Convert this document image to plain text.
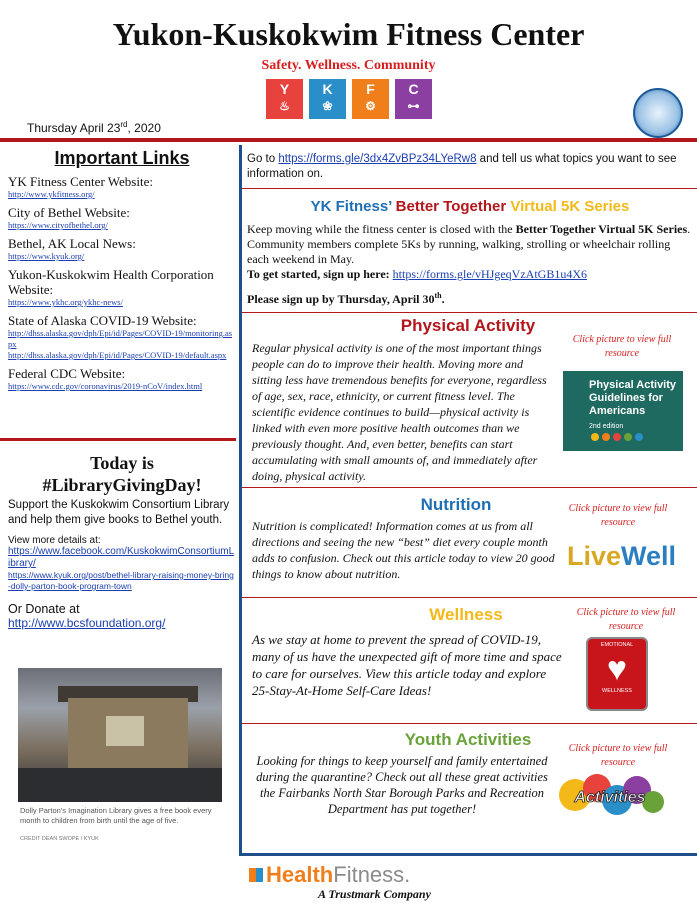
Yukon-Kuskokwim Fitness Center
Safety. Wellness. Community
Y
♨
K
❀
F
⚙
C
⊶
Thursday April 23rd, 2020
Important Links
YK Fitness Center Website:
http://www.ykfitness.org/
City of Bethel Website:
https://www.cityofbethel.org/
Bethel, AK Local News:
https://www.kyuk.org/
Yukon-Kuskokwim Health Corporation Website:
https://www.ykhc.org/ykhc-news/
State of Alaska COVID-19 Website:
http://dhss.alaska.gov/dph/Epi/id/Pages/COVID-19/monitoring.aspx
http://dhss.alaska.gov/dph/Epi/id/Pages/COVID-19/default.aspx
Federal CDC Website:
https://www.cdc.gov/coronavirus/2019-nCoV/index.html
Today is
#LibraryGivingDay!
Support the Kuskokwim Consortium Library and help them give books to Bethel youth.
View more details at:
https://www.facebook.com/KuskokwimConsortiumLibrary/
https://www.kyuk.org/post/bethel-library-raising-money-bring-dolly-parton-book-program-town
Or Donate at
http://www.bcsfoundation.org/
Dolly Parton's Imagination Library gives a free book every month to children from birth until the age of five.
CREDIT DEAN SWOPE / KYUK
Go to https://forms.gle/3dx4ZvBPz34LYeRw8 and tell us what topics you want to see information on.
YK Fitness’ Better Together Virtual 5K Series
Keep moving while the fitness center is closed with the Better Together Virtual 5K Series. Community members complete 5Ks by running, walking, strolling or wheelchair rolling each weekend in May.
To get started, sign up here: https://forms.gle/vHJgeqVzAtGB1u4X6
Please sign up by Thursday, April 30th.
Physical Activity
Regular physical activity is one of the most important things people can do to improve their health. Moving more and sitting less have tremendous benefits for everyone, regardless of age, sex, race, ethnicity, or current fitness level. The scientific evidence continues to build—physical activity is linked with even more positive health outcomes than we previously thought. And, even better, benefits can start accumulating with small amounts of, and immediately after doing, physical activity.
Click picture to view full resource
Physical Activity Guidelines for Americans
2nd edition
Nutrition
Nutrition is complicated! Information comes at us from all directions and seeing the new “best” diet every couple month adds to confusion. Check out this article today to view 20 good things to know about nutrition.
Click picture to view full resource
LiveWell
Wellness
As we stay at home to prevent the spread of COVID-19, many of us have the unexpected gift of more time and space to care for ourselves. View this article today and explore 25-Stay-At-Home Self-Care Ideas!
Click picture to view full resource
EMOTIONAL
♥
WELLNESS
Youth Activities
Looking for things to keep yourself and family entertained during the quarantine? Check out all these great activities the Fairbanks North Star Borough Parks and Recreation Department has put together!
Click picture to view full resource
Activities
HealthFitness.
A Trustmark Company
